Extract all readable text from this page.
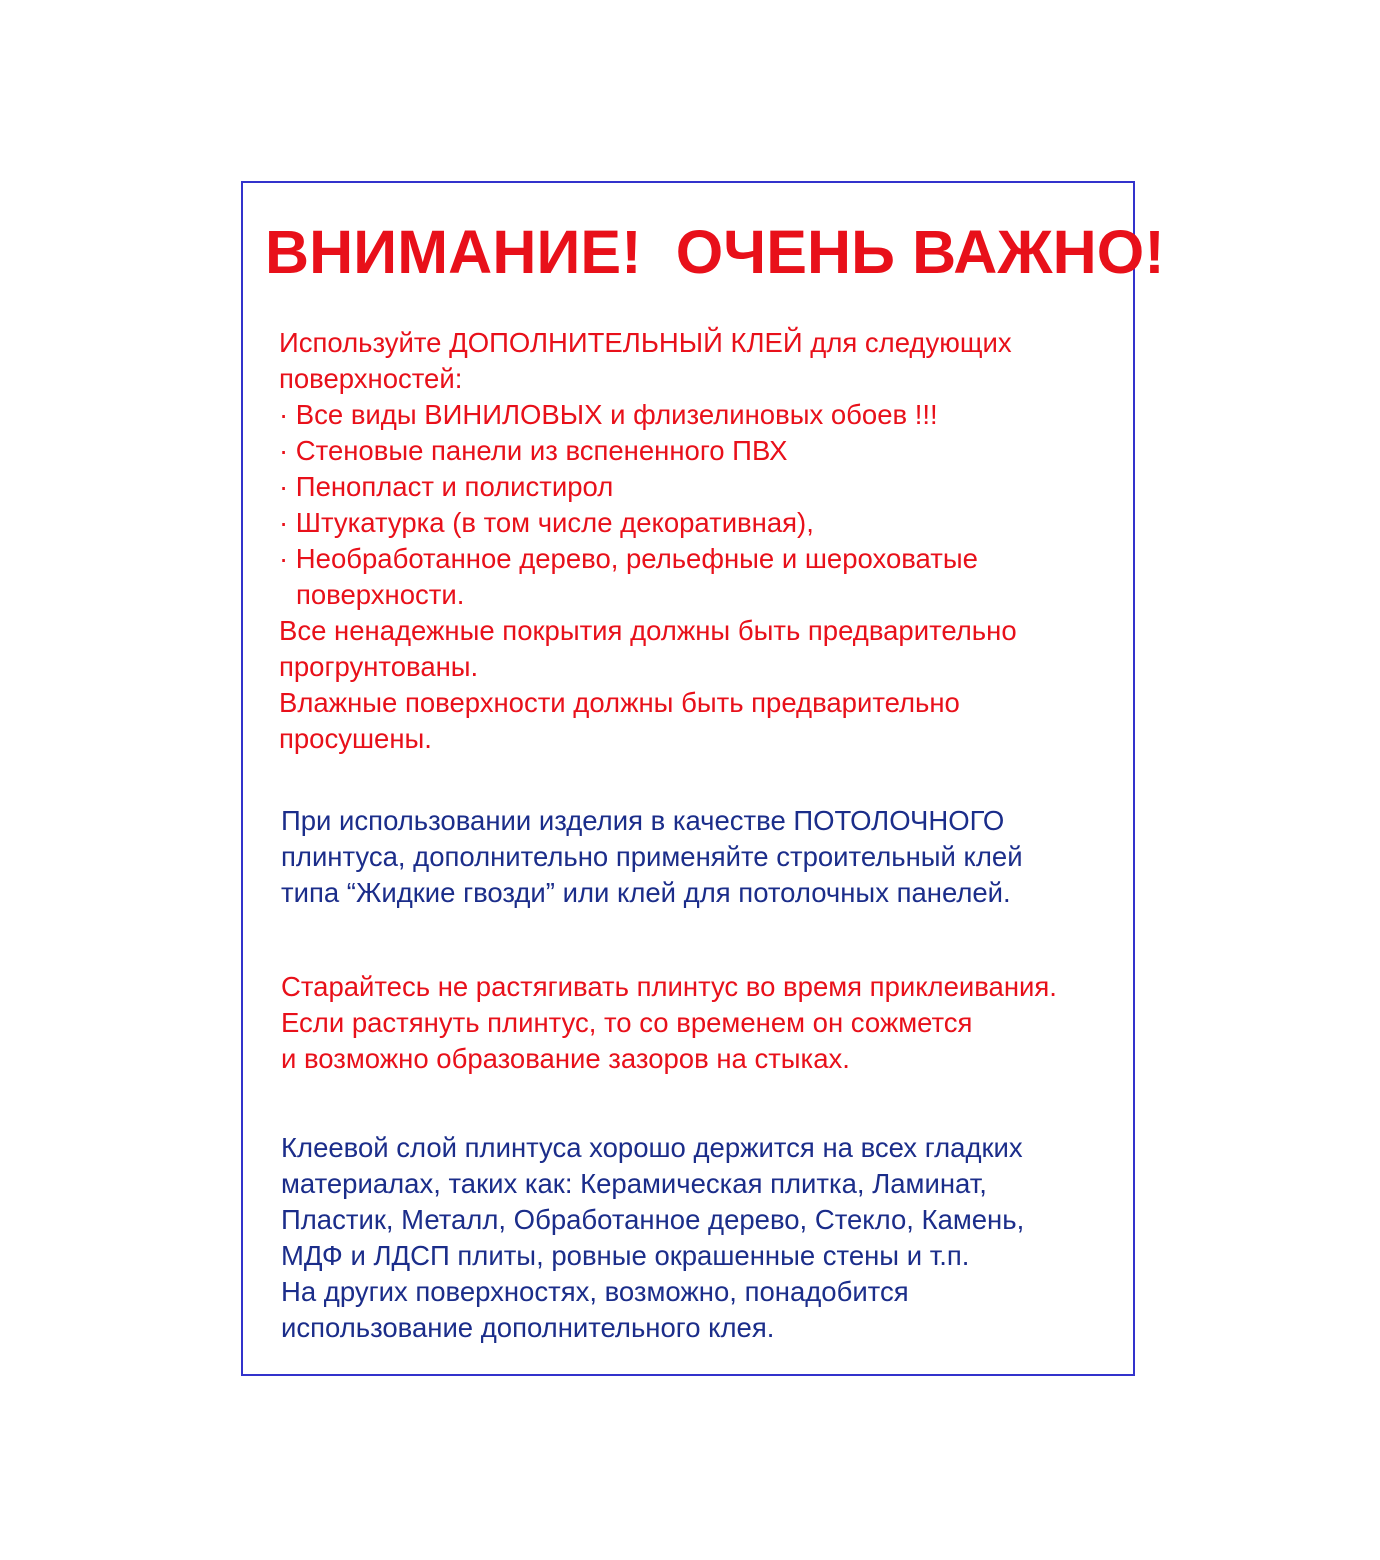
ВНИМАНИЕ!  ОЧЕНЬ ВАЖНО!
Используйте ДОПОЛНИТЕЛЬНЫЙ КЛЕЙ для следующих
поверхностей:
· Все виды ВИНИЛОВЫХ и флизелиновых обоев !!!
· Стеновые панели из вспененного ПВХ
· Пенопласт и полистирол
· Штукатурка (в том числе декоративная),
· Необработанное дерево, рельефные и шероховатые
поверхности.
Все ненадежные покрытия должны быть предварительно
прогрунтованы.
Влажные поверхности должны быть предварительно
просушены.
При использовании изделия в качестве ПОТОЛОЧНОГО
плинтуса, дополнительно применяйте строительный клей
типа “Жидкие гвозди” или клей для потолочных панелей.
Старайтесь не растягивать плинтус во время приклеивания.
Если растянуть плинтус, то со временем он сожмется
и возможно образование зазоров на стыках.
Клеевой слой плинтуса хорошо держится на всех гладких
материалах, таких как: Керамическая плитка, Ламинат,
Пластик, Металл, Обработанное дерево, Стекло, Камень,
МДФ и ЛДСП плиты, ровные окрашенные стены и т.п.
На других поверхностях, возможно, понадобится
использование дополнительного клея.
